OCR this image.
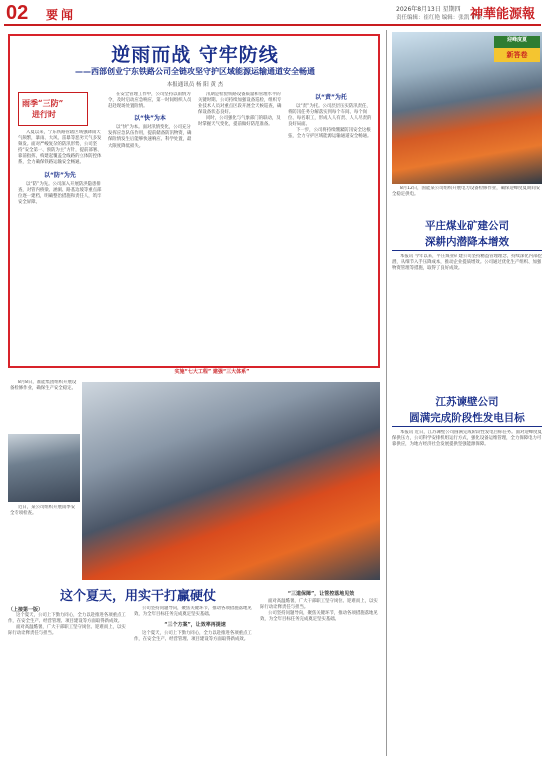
02 要闻	2026年8月13日 星期四
责任编辑：崔红艳 编辑：张凯 审读：
神華能源報
逆雨而战 守牢防线
——西部创业宁东铁路公司全链攻坚守护区域能源运输通道安全畅通
本报通讯员 杨 阳 黄 杰
雨季“三防”
进行时

入夏以来，宁东铁路管辖区域强降雨天气频繁，暴雨、大风、雷暴等恶劣天气多发频发。面对严峻复杂的防汛形势，公司坚持“安全第一、预防为主”方针，提前部署、靠前指挥，构建起覆盖全线路的立体防控体系，全力确保铁路运输安全畅通。

以“防”为先

以“防”为先。公司深入开展防洪隐患排查，对管内桥梁、涵洞、路基边坡等重点部位逐一建档，明确整治措施和责任人，筑牢安全屏障。

在安全管理工作中，公司坚持以雨情为令，及时启动应急响应，第一时间组织人员赶赴现场处置险情。

以“快”为本

以“快”为本。面对汛情变化，公司充分发挥应急队伍作用，提前储备防汛物资，确保险情发生后能够快速响应、科学处置，最大限度降低损失。

汛期是检验铁路设备质量和管理水平的关键时期。公司持续加强设备巡检，组织专业技术人员对重点区段开展全天候巡查，确保设备状态良好。

同时，公司强化与气象部门的联动，及时掌握天气变化，提前做好防范准备。

以“责”为托

以“责”为托。公司层层压实防汛责任，将防汛任务分解落实到每个车间、每个岗位、每名职工，形成人人有责、人人尽责的良好局面。

下一步，公司将持续绷紧防汛安全这根弦，全力守护区域能源运输通道安全畅通。

实施“七大工程” 建强“三大体系”

8月8日，准能集团组织开展设备检修作业，确保生产安全稳定。

近日，某公司组织开展雨季安全专项检查。

这个夏天，用实干打赢硬仗
（上接第一版）

这个夏天，公司上下勠力同心，全力以赴推进各项重点工作，在安全生产、经营管理、项目建设等方面取得新成效。

面对高温酷暑，广大干部职工坚守岗位、迎难而上，以实际行动诠释责任与担当。

公司坚持问题导向，聚焦关键环节，推动各项措施落地见效，为全年目标任务完成奠定坚实基础。

“三个方案”，让效率再提速

这个夏天，公司上下勠力同心，全力以赴推进各项重点工作，在安全生产、经营管理、项目建设等方面取得新成效。

“三道保障”，让管控落地见效

面对高温酷暑，广大干部职工坚守岗位、迎难而上，以实际行动诠释责任与担当。

公司坚持问题导向，聚焦关键环节，推动各项措施落地见效，为全年目标任务完成奠定坚实基础。

迎峰度夏
新答卷

8月12日，国能某公司组织开展电力设备检修作业，确保迎峰度夏期间安全稳定供电。

平庄煤业矿建公司
深耕内潜降本增效

本报讯 今年以来，平庄煤业矿建公司坚持精益管理理念，持续深化内部挖潜，从细节入手压降成本，推动企业提质增效。公司通过优化生产组织、加强物资管理等措施，取得了良好成效。

江苏谏壁公司
圆满完成阶段性发电目标

本报讯 近日，江苏谏壁公司圆满完成阶段性发电目标任务。面对迎峰度夏保供压力，公司科学安排机组运行方式，强化设备运维管理，全力保障电力可靠供应，为地方经济社会发展提供坚强能源保障。
